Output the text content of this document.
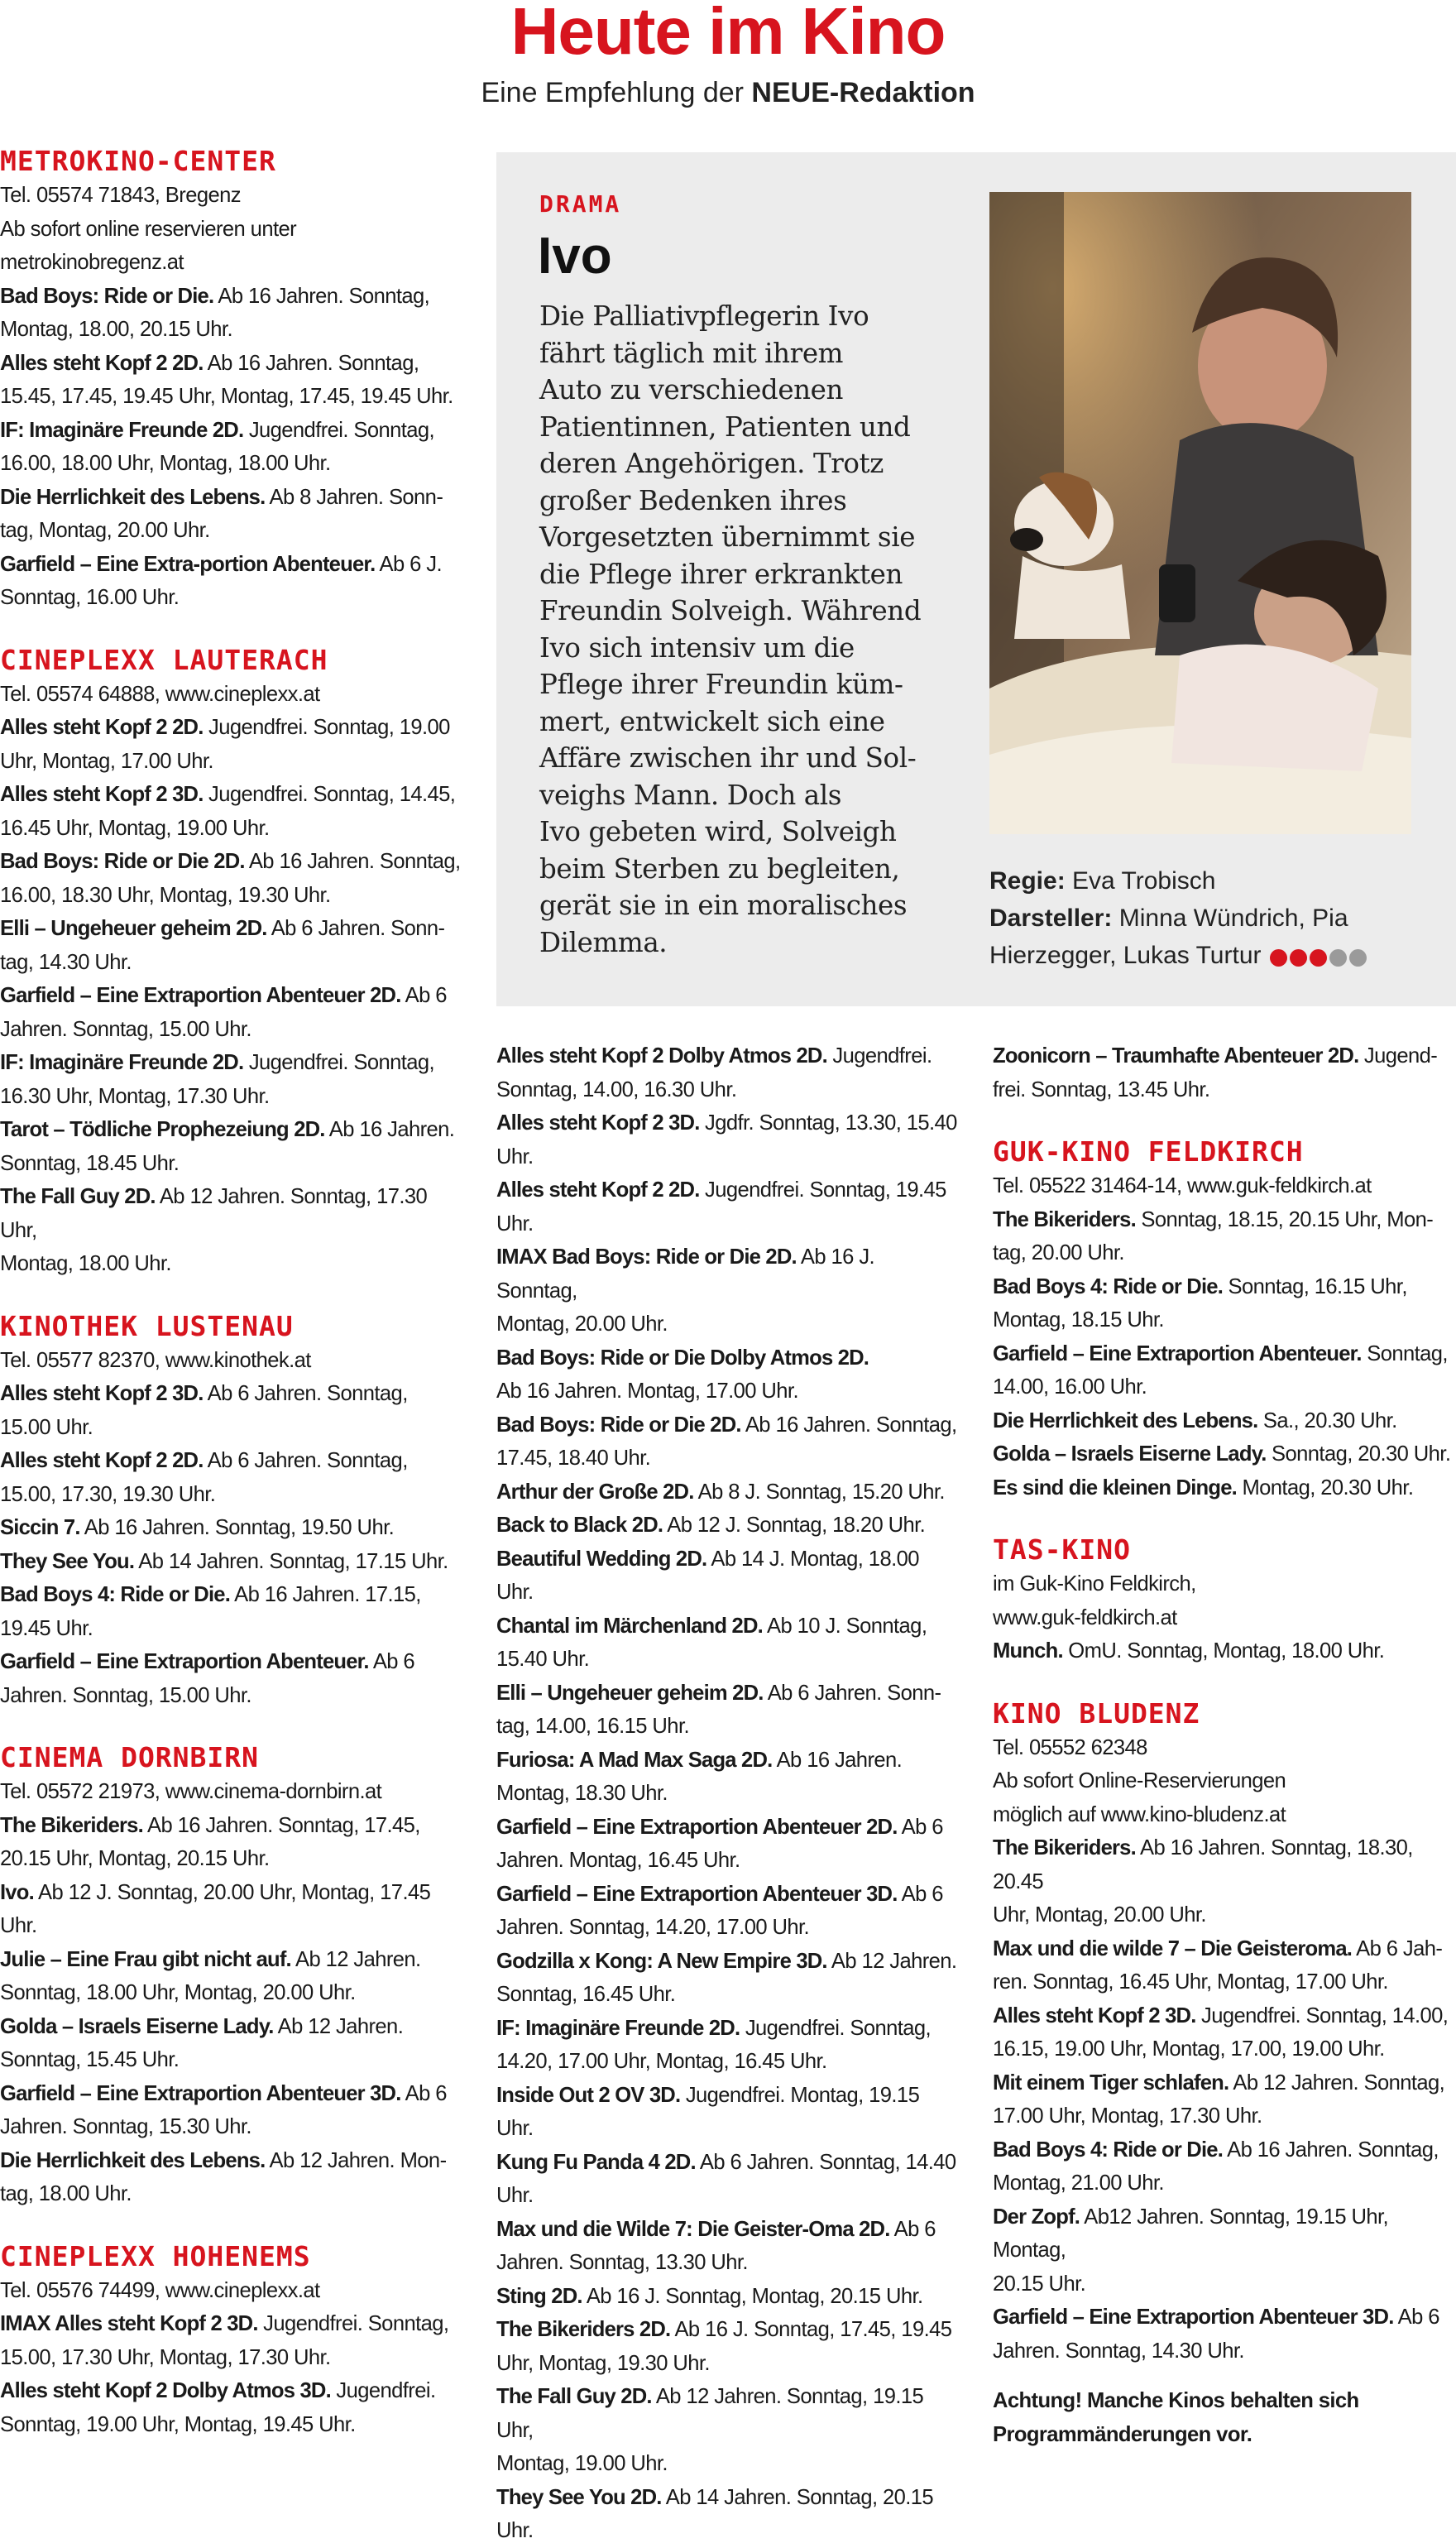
Heute im Kino
Eine Empfehlung der NEUE-Redaktion
METROKINO-CENTER
Tel. 05574 71843, Bregenz
Ab sofort online reservieren unter
metrokinobregenz.at
Bad Boys: Ride or Die. Ab 16 Jahren. Sonntag,
Montag, 18.00, 20.15 Uhr.
Alles steht Kopf 2 2D. Ab 16 Jahren. Sonntag,
15.45, 17.45, 19.45 Uhr, Montag, 17.45, 19.45 Uhr.
IF: Imaginäre Freunde 2D. Jugendfrei. Sonntag,
16.00, 18.00 Uhr, Montag, 18.00 Uhr.
Die Herrlichkeit des Lebens. Ab 8 Jahren. Sonn-
tag, Montag, 20.00 Uhr.
Garfield – Eine Extra-portion Abenteuer. Ab 6 J.
Sonntag, 16.00 Uhr.
CINEPLEXX LAUTERACH
Tel. 05574 64888, www.cineplexx.at
Alles steht Kopf 2 2D. Jugendfrei. Sonntag, 19.00
Uhr, Montag, 17.00 Uhr.
Alles steht Kopf 2 3D. Jugendfrei. Sonntag, 14.45,
16.45 Uhr, Montag, 19.00 Uhr.
Bad Boys: Ride or Die 2D. Ab 16 Jahren. Sonntag,
16.00, 18.30 Uhr, Montag, 19.30 Uhr.
Elli – Ungeheuer geheim 2D. Ab 6 Jahren. Sonn-
tag, 14.30 Uhr.
Garfield – Eine Extraportion Abenteuer 2D. Ab 6
Jahren. Sonntag, 15.00 Uhr.
IF: Imaginäre Freunde 2D. Jugendfrei. Sonntag,
16.30 Uhr, Montag, 17.30 Uhr.
Tarot – Tödliche Prophezeiung 2D. Ab 16 Jahren.
Sonntag, 18.45 Uhr.
The Fall Guy 2D. Ab 12 Jahren. Sonntag, 17.30 Uhr,
Montag, 18.00 Uhr.
KINOTHEK LUSTENAU
Tel. 05577 82370, www.kinothek.at
Alles steht Kopf 2 3D. Ab 6 Jahren. Sonntag,
15.00 Uhr.
Alles steht Kopf 2 2D. Ab 6 Jahren. Sonntag,
15.00, 17.30, 19.30 Uhr.
Siccin 7. Ab 16 Jahren. Sonntag, 19.50 Uhr.
They See You. Ab 14 Jahren. Sonntag, 17.15 Uhr.
Bad Boys 4: Ride or Die. Ab 16 Jahren. 17.15,
19.45 Uhr.
Garfield – Eine Extraportion Abenteuer. Ab 6
Jahren. Sonntag, 15.00 Uhr.
CINEMA DORNBIRN
Tel. 05572 21973, www.cinema-dornbirn.at
The Bikeriders. Ab 16 Jahren. Sonntag, 17.45,
20.15 Uhr, Montag, 20.15 Uhr.
Ivo. Ab 12 J. Sonntag, 20.00 Uhr, Montag, 17.45
Uhr.
Julie – Eine Frau gibt nicht auf. Ab 12 Jahren.
Sonntag, 18.00 Uhr, Montag, 20.00 Uhr.
Golda – Israels Eiserne Lady. Ab 12 Jahren.
Sonntag, 15.45 Uhr.
Garfield – Eine Extraportion Abenteuer 3D. Ab 6
Jahren. Sonntag, 15.30 Uhr.
Die Herrlichkeit des Lebens. Ab 12 Jahren. Mon-
tag, 18.00 Uhr.
CINEPLEXX HOHENEMS
Tel. 05576 74499, www.cineplexx.at
IMAX Alles steht Kopf 2 3D. Jugendfrei. Sonntag,
15.00, 17.30 Uhr, Montag, 17.30 Uhr.
Alles steht Kopf 2 Dolby Atmos 3D. Jugendfrei.
Sonntag, 19.00 Uhr, Montag, 19.45 Uhr.
DRAMA
Ivo
Die Palliativpflegerin Ivo
fährt täglich mit ihrem
Auto zu verschiedenen
Patientinnen, Patienten und
deren Angehörigen. Trotz
großer Bedenken ihres
Vorgesetzten übernimmt sie
die Pflege ihrer erkrankten
Freundin Solveigh. Während
Ivo sich intensiv um die
Pflege ihrer Freundin küm-
mert, entwickelt sich eine
Affäre zwischen ihr und Sol-
veighs Mann. Doch als
Ivo gebeten wird, Solveigh
beim Sterben zu begleiten,
gerät sie in ein moralisches
Dilemma.
Regie: Eva Trobisch
Darsteller: Minna Wündrich, Pia
Hierzegger, Lukas Turtur
Alles steht Kopf 2 Dolby Atmos 2D. Jugendfrei.
Sonntag, 14.00, 16.30 Uhr.
Alles steht Kopf 2 3D. Jgdfr. Sonntag, 13.30, 15.40
Uhr.
Alles steht Kopf 2 2D. Jugendfrei. Sonntag, 19.45
Uhr.
IMAX Bad Boys: Ride or Die 2D. Ab 16 J. Sonntag,
Montag, 20.00 Uhr.
Bad Boys: Ride or Die Dolby Atmos 2D.
Ab 16 Jahren. Montag, 17.00 Uhr.
Bad Boys: Ride or Die 2D. Ab 16 Jahren. Sonntag,
17.45, 18.40 Uhr.
Arthur der Große 2D. Ab 8 J. Sonntag, 15.20 Uhr.
Back to Black 2D. Ab 12 J. Sonntag, 18.20 Uhr.
Beautiful Wedding 2D. Ab 14 J. Montag, 18.00
Uhr.
Chantal im Märchenland 2D. Ab 10 J. Sonntag,
15.40 Uhr.
Elli – Ungeheuer geheim 2D. Ab 6 Jahren. Sonn-
tag, 14.00, 16.15 Uhr.
Furiosa: A Mad Max Saga 2D. Ab 16 Jahren.
Montag, 18.30 Uhr.
Garfield – Eine Extraportion Abenteuer 2D. Ab 6
Jahren. Montag, 16.45 Uhr.
Garfield – Eine Extraportion Abenteuer 3D. Ab 6
Jahren. Sonntag, 14.20, 17.00 Uhr.
Godzilla x Kong: A New Empire 3D. Ab 12 Jahren.
Sonntag, 16.45 Uhr.
IF: Imaginäre Freunde 2D. Jugendfrei. Sonntag,
14.20, 17.00 Uhr, Montag, 16.45 Uhr.
Inside Out 2 OV 3D. Jugendfrei. Montag, 19.15 Uhr.
Kung Fu Panda 4 2D. Ab 6 Jahren. Sonntag, 14.40
Uhr.
Max und die Wilde 7: Die Geister-Oma 2D. Ab 6
Jahren. Sonntag, 13.30 Uhr.
Sting 2D. Ab 16 J. Sonntag, Montag, 20.15 Uhr.
The Bikeriders 2D. Ab 16 J. Sonntag, 17.45, 19.45
Uhr, Montag, 19.30 Uhr.
The Fall Guy 2D. Ab 12 Jahren. Sonntag, 19.15 Uhr,
Montag, 19.00 Uhr.
They See You 2D. Ab 14 Jahren. Sonntag, 20.15
Uhr.
Zoonicorn – Traumhafte Abenteuer 2D. Jugend-
frei. Sonntag, 13.45 Uhr.
GUK-KINO FELDKIRCH
Tel. 05522 31464-14, www.guk-feldkirch.at
The Bikeriders. Sonntag, 18.15, 20.15 Uhr, Mon-
tag, 20.00 Uhr.
Bad Boys 4: Ride or Die. Sonntag, 16.15 Uhr,
Montag, 18.15 Uhr.
Garfield – Eine Extraportion Abenteuer. Sonntag,
14.00, 16.00 Uhr.
Die Herrlichkeit des Lebens. Sa., 20.30 Uhr.
Golda – Israels Eiserne Lady. Sonntag, 20.30 Uhr.
Es sind die kleinen Dinge. Montag, 20.30 Uhr.
TAS-KINO
im Guk-Kino Feldkirch,
www.guk-feldkirch.at
Munch. OmU. Sonntag, Montag, 18.00 Uhr.
KINO BLUDENZ
Tel. 05552 62348
Ab sofort Online-Reservierungen
möglich auf www.kino-bludenz.at
The Bikeriders. Ab 16 Jahren. Sonntag, 18.30, 20.45
Uhr, Montag, 20.00 Uhr.
Max und die wilde 7 – Die Geisteroma. Ab 6 Jah-
ren. Sonntag, 16.45 Uhr, Montag, 17.00 Uhr.
Alles steht Kopf 2 3D. Jugendfrei. Sonntag, 14.00,
16.15, 19.00 Uhr, Montag, 17.00, 19.00 Uhr.
Mit einem Tiger schlafen. Ab 12 Jahren. Sonntag,
17.00 Uhr, Montag, 17.30 Uhr.
Bad Boys 4: Ride or Die. Ab 16 Jahren. Sonntag,
Montag, 21.00 Uhr.
Der Zopf. Ab12 Jahren. Sonntag, 19.15 Uhr, Montag,
20.15 Uhr.
Garfield – Eine Extraportion Abenteuer 3D. Ab 6
Jahren. Sonntag, 14.30 Uhr.
Achtung! Manche Kinos behalten sich
Programmänderungen vor.
